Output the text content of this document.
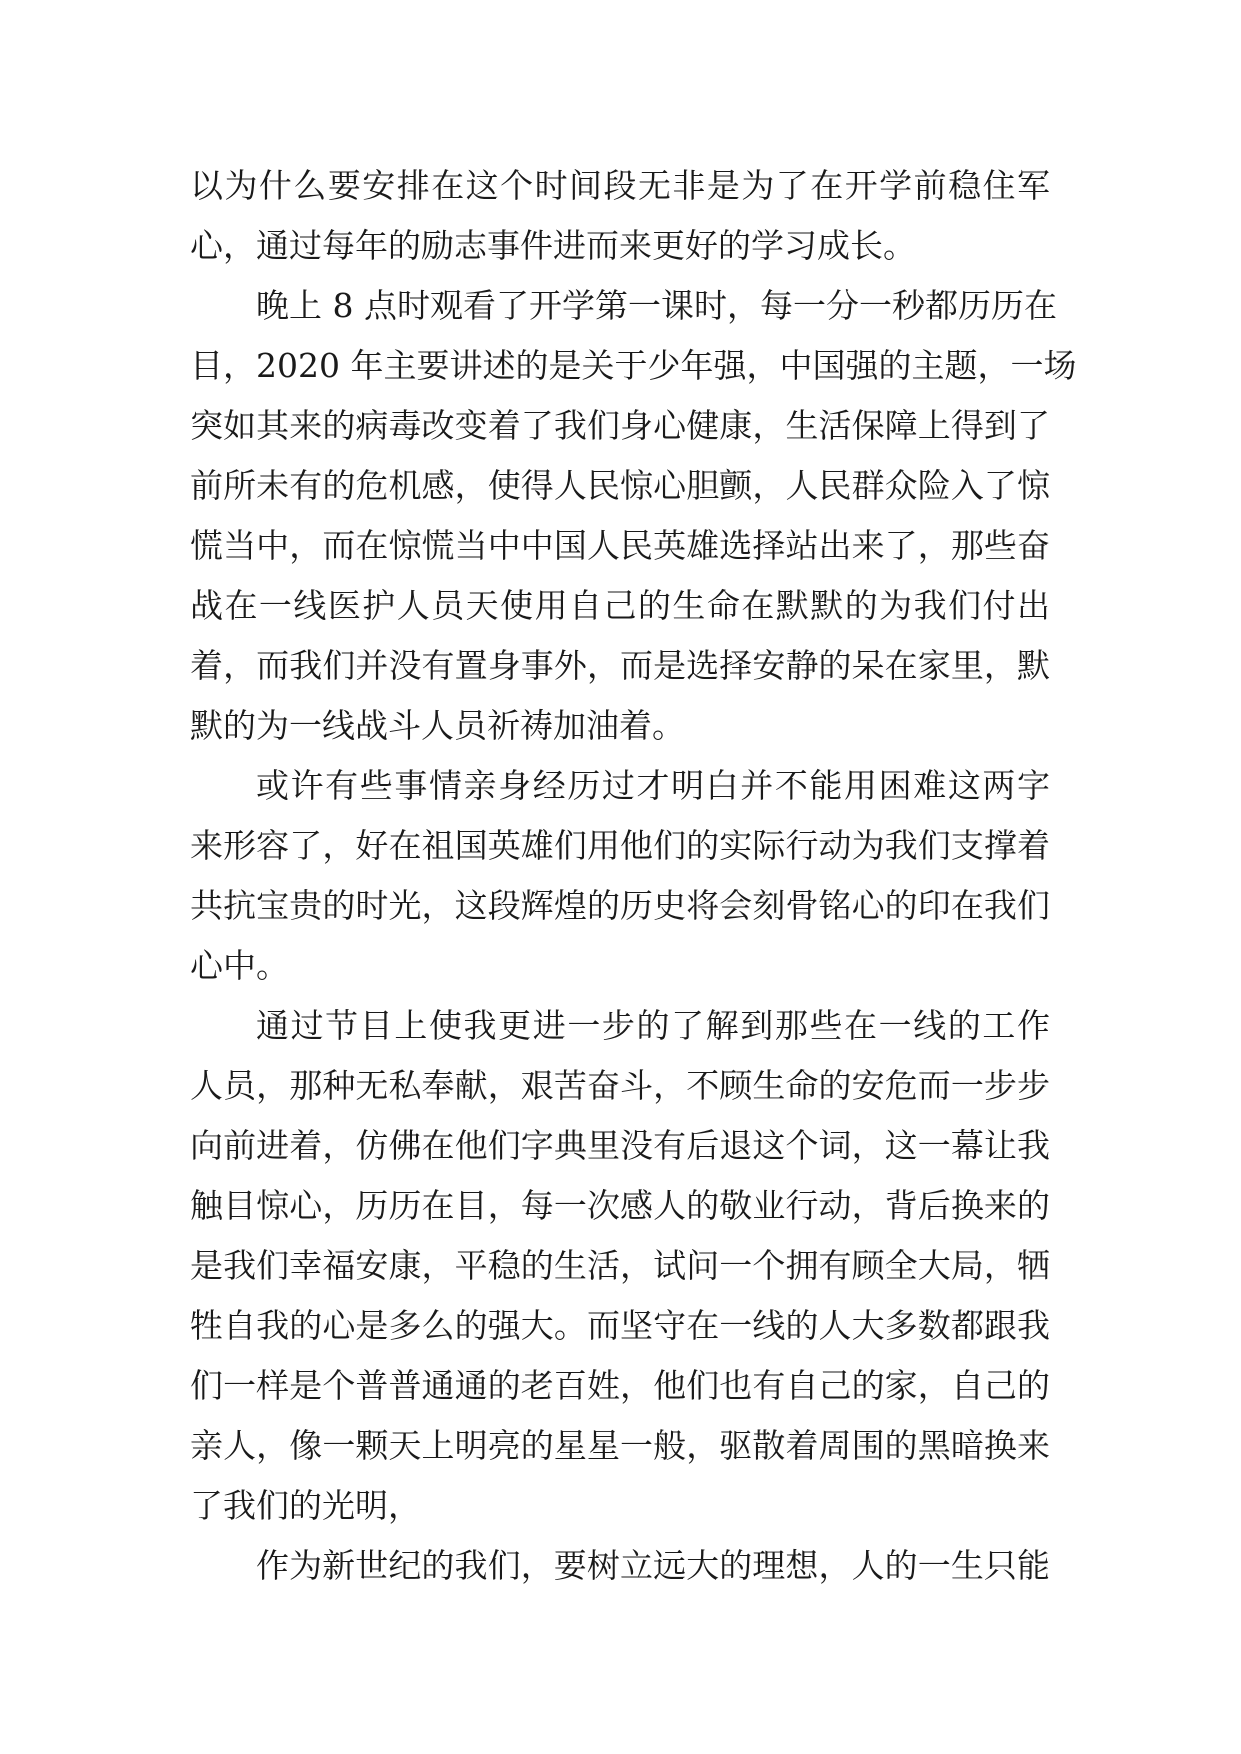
以为什么要安排在这个时间段无非是为了在开学前稳住军
心，通过每年的励志事件进而来更好的学习成长。
晚上 8 点时观看了开学第一课时，每一分一秒都历历在
目，2020 年主要讲述的是关于少年强，中国强的主题，一场
突如其来的病毒改变着了我们身心健康，生活保障上得到了
前所未有的危机感，使得人民惊心胆颤，人民群众险入了惊
慌当中，而在惊慌当中中国人民英雄选择站出来了，那些奋
战在一线医护人员天使用自己的生命在默默的为我们付出
着，而我们并没有置身事外，而是选择安静的呆在家里，默
默的为一线战斗人员祈祷加油着。
或许有些事情亲身经历过才明白并不能用困难这两字
来形容了，好在祖国英雄们用他们的实际行动为我们支撑着
共抗宝贵的时光，这段辉煌的历史将会刻骨铭心的印在我们
心中。
通过节目上使我更进一步的了解到那些在一线的工作
人员，那种无私奉献，艰苦奋斗，不顾生命的安危而一步步
向前进着，仿佛在他们字典里没有后退这个词，这一幕让我
触目惊心，历历在目，每一次感人的敬业行动，背后换来的
是我们幸福安康，平稳的生活，试问一个拥有顾全大局，牺
牲自我的心是多么的强大。而坚守在一线的人大多数都跟我
们一样是个普普通通的老百姓，他们也有自己的家，自己的
亲人，像一颗天上明亮的星星一般，驱散着周围的黑暗换来
了我们的光明，
作为新世纪的我们，要树立远大的理想，人的一生只能
